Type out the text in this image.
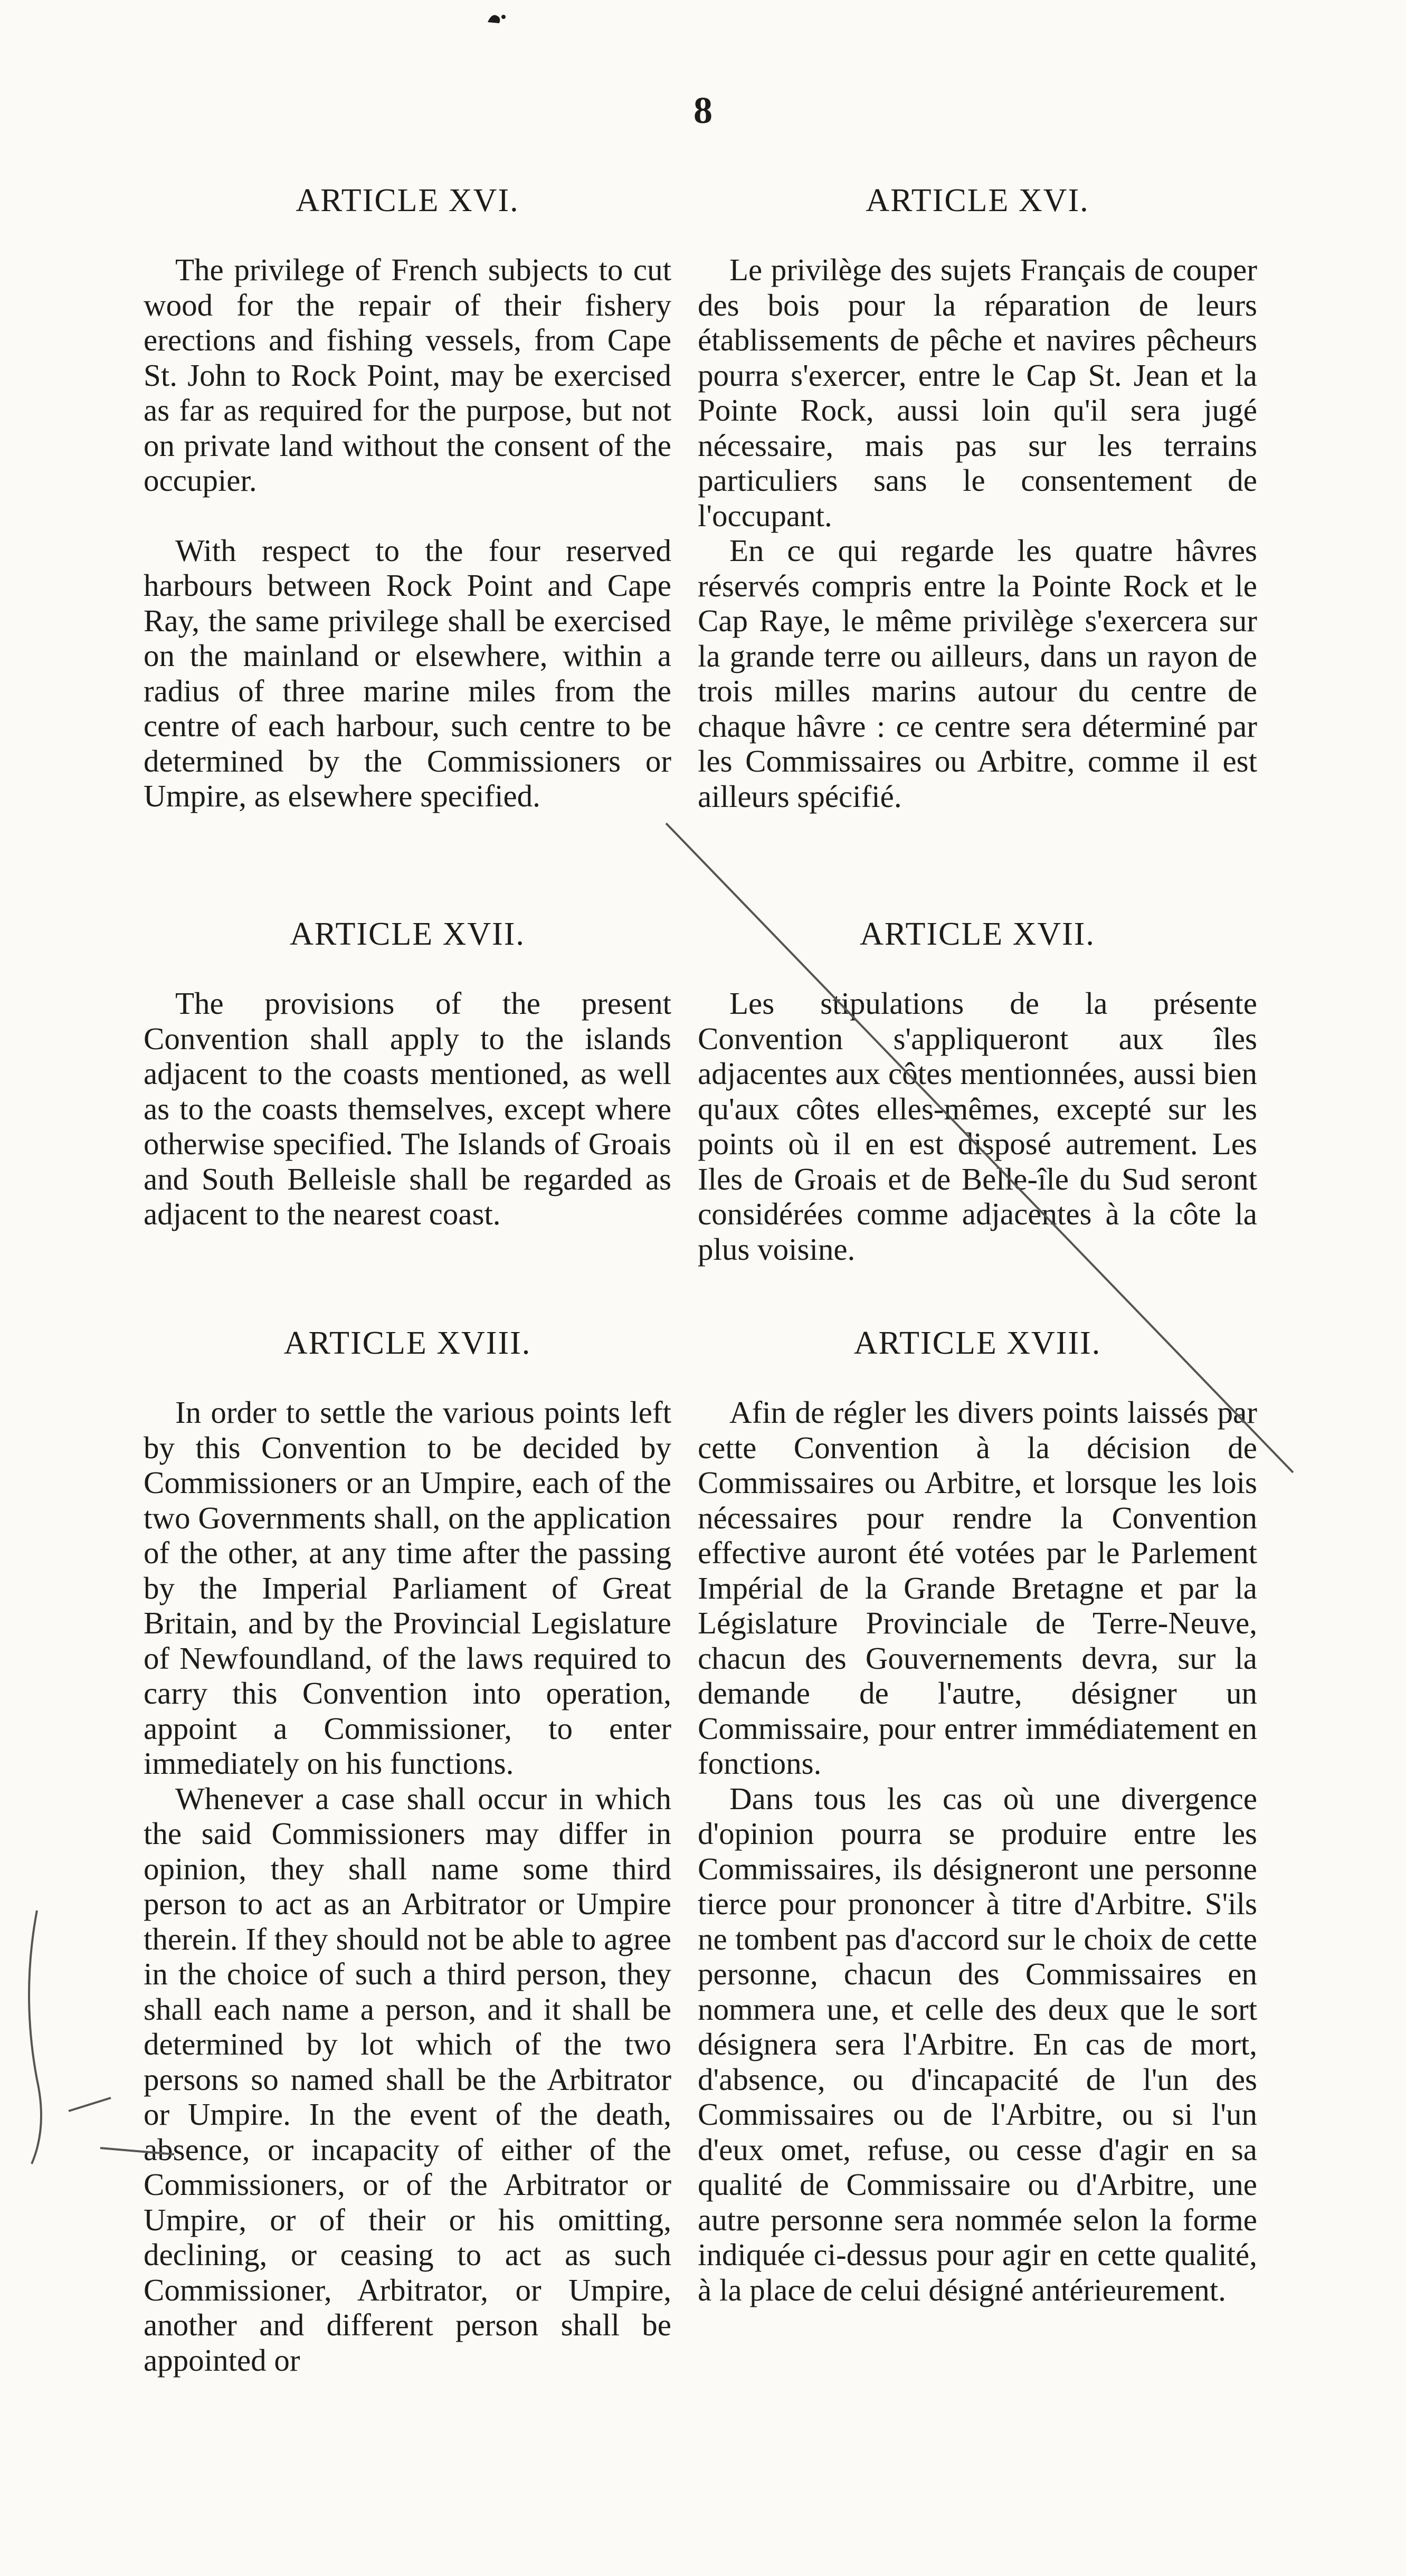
8
ARTICLE XVI.

The privilege of French subjects to cut wood for the repair of their fishery erections and fishing vessels, from Cape St. John to Rock Point, may be exercised as far as required for the purpose, but not on private land without the consent of the occupier.

With respect to the four reserved harbours between Rock Point and Cape Ray, the same privilege shall be exercised on the mainland or elsewhere, within a radius of three marine miles from the centre of each harbour, such centre to be determined by the Commissioners or Umpire, as elsewhere specified.

ARTICLE XVII.

The provisions of the present Convention shall apply to the islands adjacent to the coasts mentioned, as well as to the coasts themselves, except where otherwise specified. The Islands of Groais and South Belleisle shall be regarded as adjacent to the nearest coast.

ARTICLE XVIII.

In order to settle the various points left by this Convention to be decided by Commissioners or an Umpire, each of the two Governments shall, on the application of the other, at any time after the passing by the Imperial Parliament of Great Britain, and by the Provincial Legislature of Newfoundland, of the laws required to carry this Convention into operation, appoint a Commissioner, to enter immediately on his functions.

Whenever a case shall occur in which the said Commissioners may differ in opinion, they shall name some third person to act as an Arbitrator or Umpire therein. If they should not be able to agree in the choice of such a third person, they shall each name a person, and it shall be determined by lot which of the two persons so named shall be the Arbitrator or Umpire. In the event of the death, absence, or incapacity of either of the Commissioners, or of the Arbitrator or Umpire, or of their or his omitting, declining, or ceasing to act as such Commissioner, Arbitrator, or Umpire, another and different person shall be appointed or

ARTICLE XVI.

Le privilège des sujets Français de couper des bois pour la réparation de leurs établissements de pêche et navires pêcheurs pourra s'exercer, entre le Cap St. Jean et la Pointe Rock, aussi loin qu'il sera jugé nécessaire, mais pas sur les terrains particuliers sans le consentement de l'occupant.

En ce qui regarde les quatre hâvres réservés compris entre la Pointe Rock et le Cap Raye, le même privilège s'exercera sur la grande terre ou ailleurs, dans un rayon de trois milles marins autour du centre de chaque hâvre : ce centre sera déterminé par les Commissaires ou Arbitre, comme il est ailleurs spécifié.

ARTICLE XVII.

Les stipulations de la présente Convention s'appliqueront aux îles adjacentes aux côtes mentionnées, aussi bien qu'aux côtes elles-mêmes, excepté sur les points où il en est disposé autrement. Les Iles de Groais et de Belle-île du Sud seront considérées comme adjacentes à la côte la plus voisine.

ARTICLE XVIII.

Afin de régler les divers points laissés par cette Convention à la décision de Commissaires ou Arbitre, et lorsque les lois nécessaires pour rendre la Convention effective auront été votées par le Parlement Impérial de la Grande Bretagne et par la Législature Provinciale de Terre-Neuve, chacun des Gouvernements devra, sur la demande de l'autre, désigner un Commissaire, pour entrer immédiatement en fonctions.

Dans tous les cas où une divergence d'opinion pourra se produire entre les Commissaires, ils désigneront une personne tierce pour prononcer à titre d'Arbitre. S'ils ne tombent pas d'accord sur le choix de cette personne, chacun des Commissaires en nommera une, et celle des deux que le sort désignera sera l'Arbitre. En cas de mort, d'absence, ou d'incapacité de l'un des Commissaires ou de l'Arbitre, ou si l'un d'eux omet, refuse, ou cesse d'agir en sa qualité de Commissaire ou d'Arbitre, une autre personne sera nommée selon la forme indiquée ci-dessus pour agir en cette qualité, à la place de celui désigné antérieurement.
